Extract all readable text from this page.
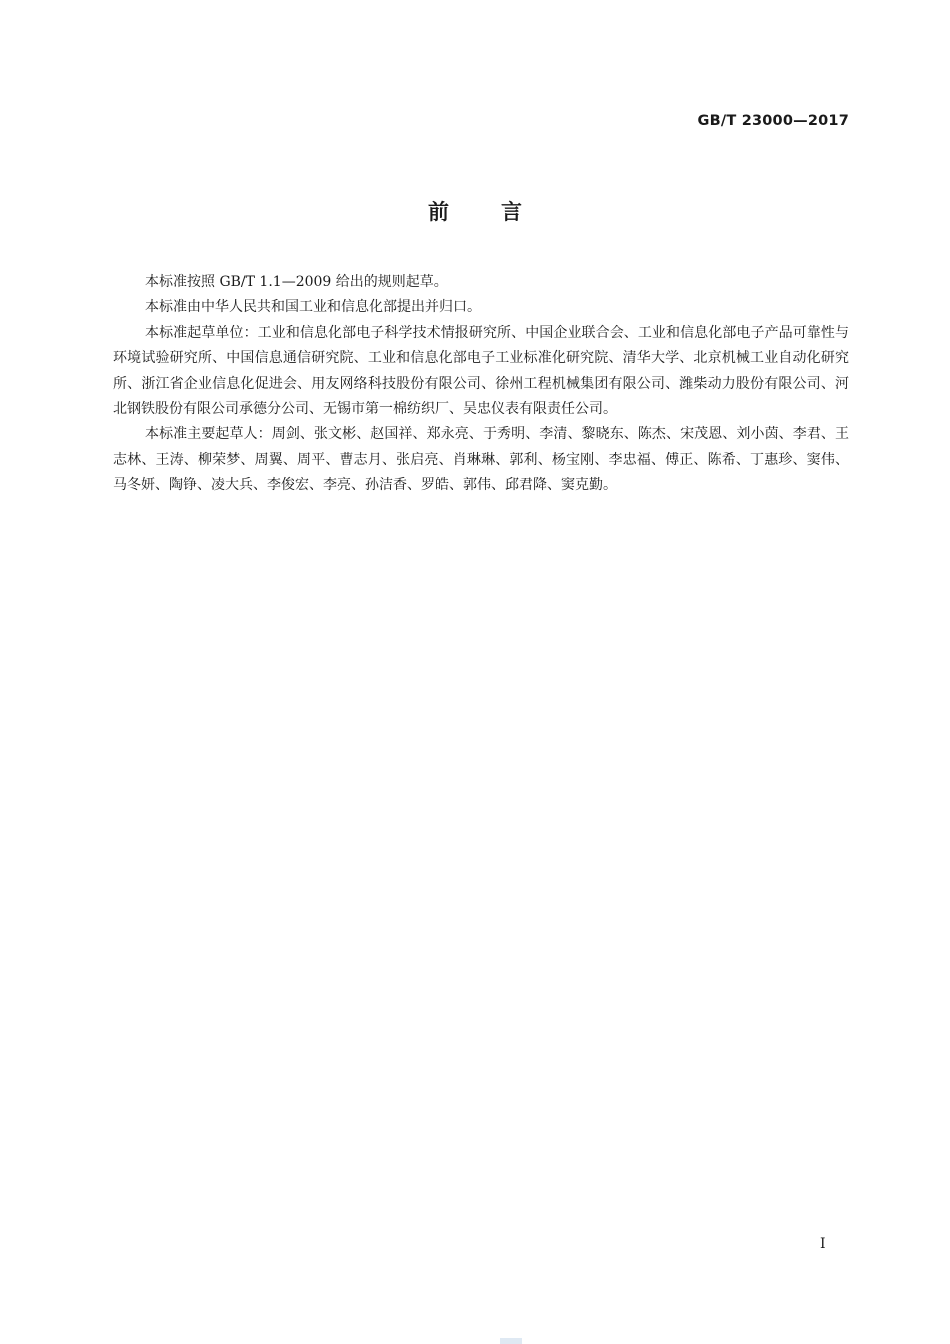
GB/T 23000—2017
前 言

本标准按照 GB/T 1.1—2009 给出的规则起草。

本标准由中华人民共和国工业和信息化部提出并归口。

本标准起草单位：工业和信息化部电子科学技术情报研究所、中国企业联合会、工业和信息化部电子产品可靠性与环境试验研究所、中国信息通信研究院、工业和信息化部电子工业标准化研究院、清华大学、北京机械工业自动化研究所、浙江省企业信息化促进会、用友网络科技股份有限公司、徐州工程机械集团有限公司、潍柴动力股份有限公司、河北钢铁股份有限公司承德分公司、无锡市第一棉纺织厂、吴忠仪表有限责任公司。

本标准主要起草人：周剑、张文彬、赵国祥、郑永亮、于秀明、李清、黎晓东、陈杰、宋茂恩、刘小茵、李君、王志林、王涛、柳荣梦、周翼、周平、曹志月、张启亮、肖琳琳、郭利、杨宝刚、李忠福、傅正、陈希、丁惠珍、窦伟、马冬妍、陶铮、凌大兵、李俊宏、李亮、孙洁香、罗皓、郭伟、邱君降、窦克勤。

I
